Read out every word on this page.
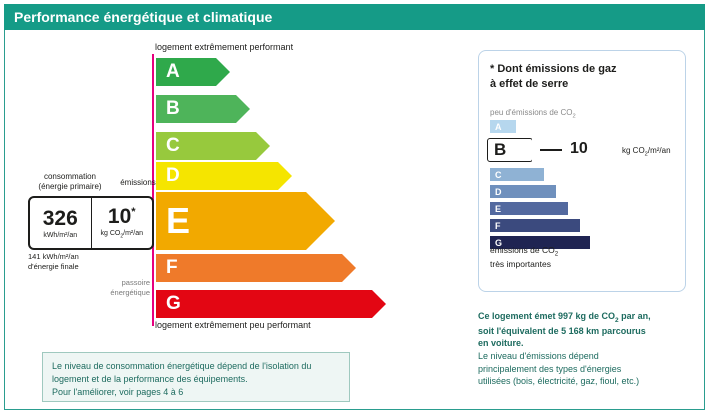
Performance énergétique et climatique
logement extrêmement performant
logement extrêmement peu performant
A
B
C
D
E
F
G
consommation
(énergie primaire)	émissions
326
kWh/m²/an
10*
kg $CO_2/m^2/an$
141 kWh/m²/an
d'énergie finale
passoire
énergétique
* Dont émissions de gaz
à effet de serre
peu d'émissions de $CO_2$
A
B	10	kg $CO_2/m^2/an$
C
D
E
F
G
émissions de $CO_2$
très importantes
Le niveau de consommation énergétique dépend de l'isolation du
logement et de la performance des équipements.
Pour l'améliorer, voir pages 4 à 6
Ce logement émet 997 kg de $CO_2$ par an,
soit l'équivalent de 5 168 km parcourus
en voiture.
Le niveau d'émissions dépend
principalement des types d'énergies
utilisées (bois, électricité, gaz, fioul, etc.)
